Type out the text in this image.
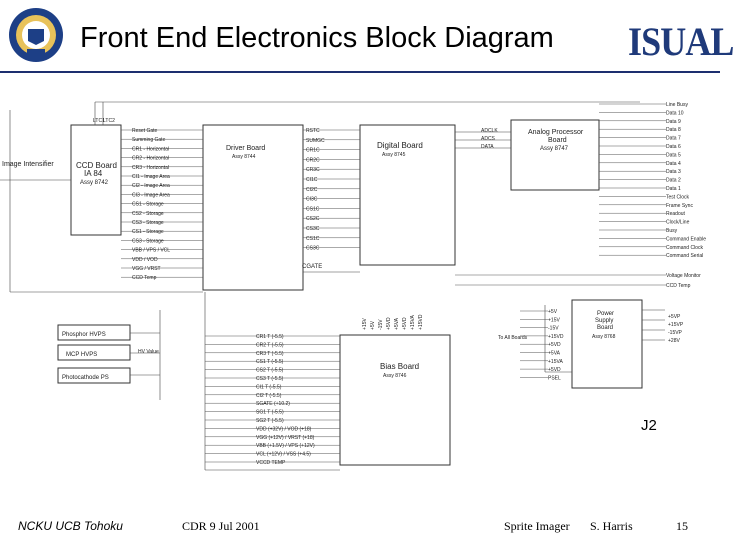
Front End Electronics Block Diagram ISUAL
Image Intensifier	CCD Board
IA 84
Assy 8742
Driver Board
Assy 8744
Digital Board
Assy 8745
Analog Processor
Board
Assy 8747
Bias Board
Assy 8746
Power
Supply
Board
Assy 8768
Phosphor HVPS
MCP HVPS
Photocathode PS
HV Value
CGATE
To All Boards
LTC1
LTC2
Reset Gate
Summing Gate
CR1 - Horizontal
CR2 - Horizontal
CR3 - Horizontal
CI1 - Image Area
CI2 - Image Area
CI3 - Image Area
CS1 - Storage
CS2 - Storage
CS3 - Storage
CS1 - Storage
CS3 - Storage
VBB / VPS / VCL
VDD / VOD
VGG / VRST
CCD Temp
RSTC
SUMGC
CR1C
CR2C
CR3C
CI1C
CI2C
CI3C
CS1C
CS2C
CS3C
CS1C
CS3C
ADCLK
ADCS
DATA
Line Busy
Data 10
Data 9
Data 8
Data 7
Data 6
Data 5
Data 4
Data 3
Data 2
Data 1
Test Clock
Frame Sync
Readout
Clock/Line
Busy
Command Enable
Command Clock
Command Serial
Voltage Monitor
CCD Temp
CR1 T (-5.5)
CR2 T (-5.5)
CR3 T (-5.5)
CS1 T (-5.5)
CS2 T (-5.5)
CS3 T (-5.5)
CI1 T (-5.5)
CI2 T (-5.5)
SGATE (+10.2)
SG1 T (-5.5)
SG2 T (-5.5)
VDD (+32V) / VOD (+18)
VGG (+12V) / VRST (+18)
VBB (+1.5V) / VPS (+12V)
VCL (+12V) / VSS (+4.5)
VCCD TEMP
+15V +5V -15V +5VD +5VA +5VD +15VA +15VD
+5V
+15V
-15V
+15VD
+5VD
+5VA
+15VA
+5VD
PSEL
+5VP
+15VP
-15VP
+28V
J2
NCKU UCB Tohoku	CDR 9 Jul 2001	Sprite Imager S. Harris	15
